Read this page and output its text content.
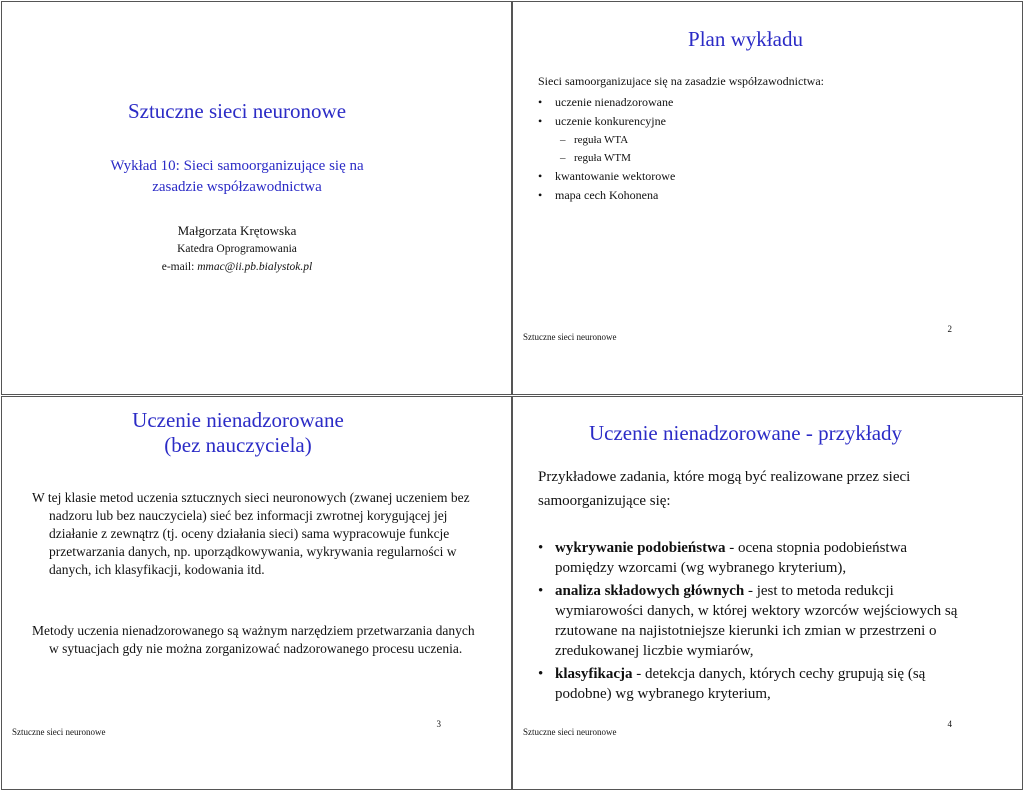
Sztuczne sieci neuronowe
Wykład 10: Sieci samoorganizujące się na
zasadzie współzawodnictwa
Małgorzata Krętowska
Katedra Oprogramowania
e-mail: mmac@ii.pb.bialystok.pl
Plan wykładu
Sieci samoorganizujace się na zasadzie współzawodnictwa:
• uczenie nienadzorowane
• uczenie konkurencyjne
– reguła WTA
– reguła WTM
• kwantowanie wektorowe
• mapa cech Kohonena
Sztuczne sieci neuronowe
2
Uczenie nienadzorowane
(bez nauczyciela)

W tej klasie metod uczenia sztucznych sieci neuronowych (zwanej uczeniem bez nadzoru lub bez nauczyciela) sieć bez informacji zwrotnej korygującej jej działanie z zewnątrz (tj. oceny działania sieci) sama wypracowuje funkcje przetwarzania danych, np. uporządkowywania, wykrywania regularności w danych, ich klasyfikacji, kodowania itd.

Metody uczenia nienadzorowanego są ważnym narzędziem przetwarzania danych w sytuacjach gdy nie można zorganizować nadzorowanego procesu uczenia.

Sztuczne sieci neuronowe
3
Uczenie nienadzorowane - przykłady

Przykładowe zadania, które mogą być realizowane przez sieci samoorganizujące się:

• wykrywanie podobieństwa - ocena stopnia podobieństwa pomiędzy wzorcami (wg wybranego kryterium),
• analiza składowych głównych - jest to metoda redukcji wymiarowości danych, w której wektory wzorców wejściowych są rzutowane na najistotniejsze kierunki ich zmian w przestrzeni o zredukowanej liczbie wymiarów,
• klasyfikacja - detekcja danych, których cechy grupują się (są podobne) wg wybranego kryterium,
Sztuczne sieci neuronowe
4
